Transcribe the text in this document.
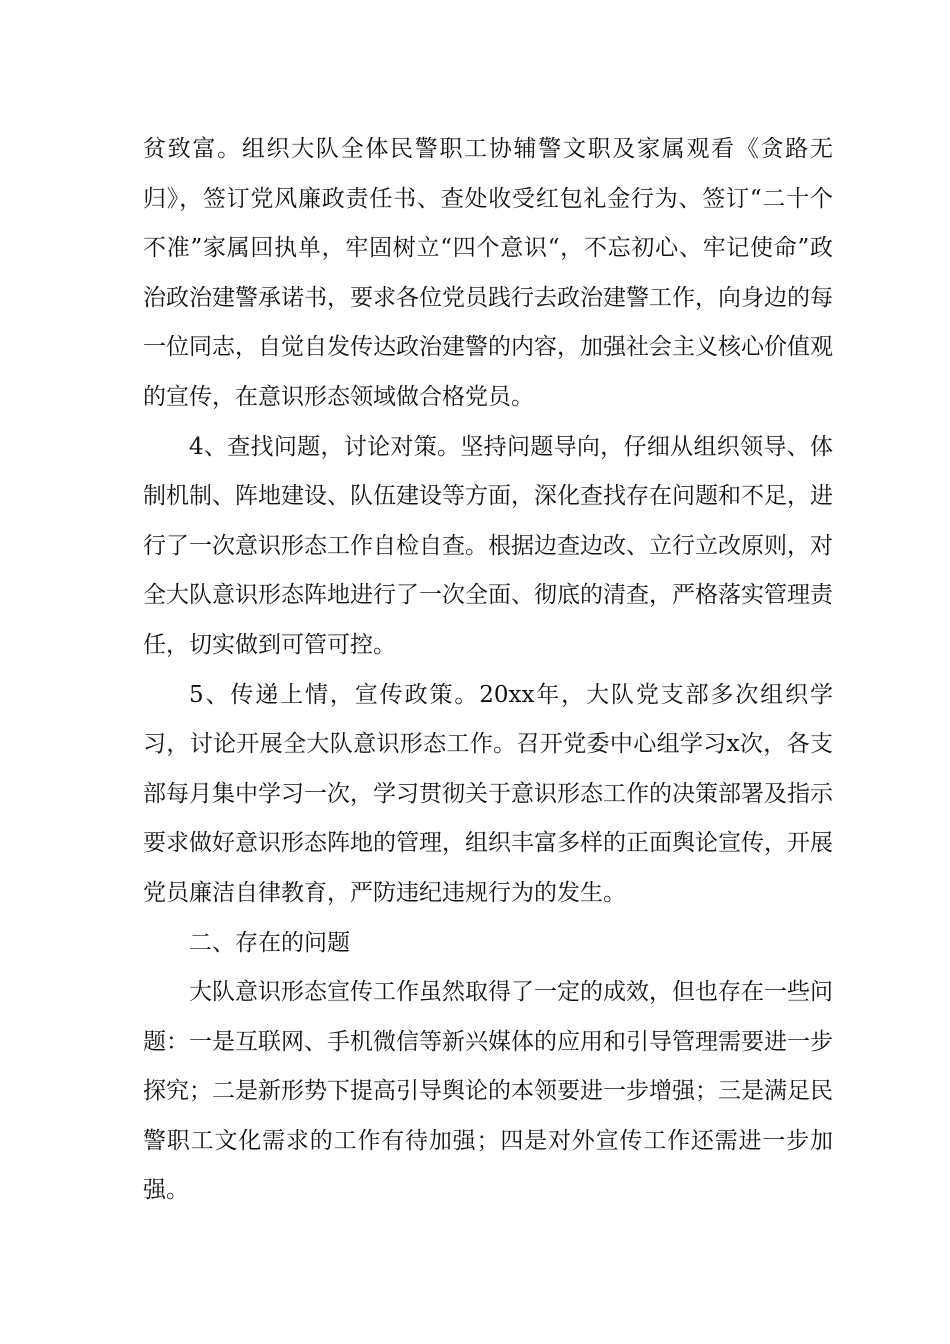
贫致富。组织大队全体民警职工协辅警文职及家属观看《贪路无归》，签订党风廉政责任书、查处收受红包礼金行为、签订“二十个不准”家属回执单，牢固树立“四个意识“，不忘初心、牢记使命”政治政治建警承诺书，要求各位党员践行去政治建警工作，向身边的每一位同志，自觉自发传达政治建警的内容，加强社会主义核心价值观的宣传，在意识形态领域做合格党员。

4、查找问题，讨论对策。坚持问题导向，仔细从组织领导、体制机制、阵地建设、队伍建设等方面，深化查找存在问题和不足，进行了一次意识形态工作自检自查。根据边查边改、立行立改原则，对全大队意识形态阵地进行了一次全面、彻底的清查，严格落实管理责任，切实做到可管可控。

5、传递上情，宣传政策。20xx年，大队党支部多次组织学习，讨论开展全大队意识形态工作。召开党委中心组学习x次，各支部每月集中学习一次，学习贯彻关于意识形态工作的决策部署及指示要求做好意识形态阵地的管理，组织丰富多样的正面舆论宣传，开展党员廉洁自律教育，严防违纪违规行为的发生。

二、存在的问题

大队意识形态宣传工作虽然取得了一定的成效，但也存在一些问题：一是互联网、手机微信等新兴媒体的应用和引导管理需要进一步探究；二是新形势下提高引导舆论的本领要进一步增强；三是满足民警职工文化需求的工作有待加强；四是对外宣传工作还需进一步加强。
